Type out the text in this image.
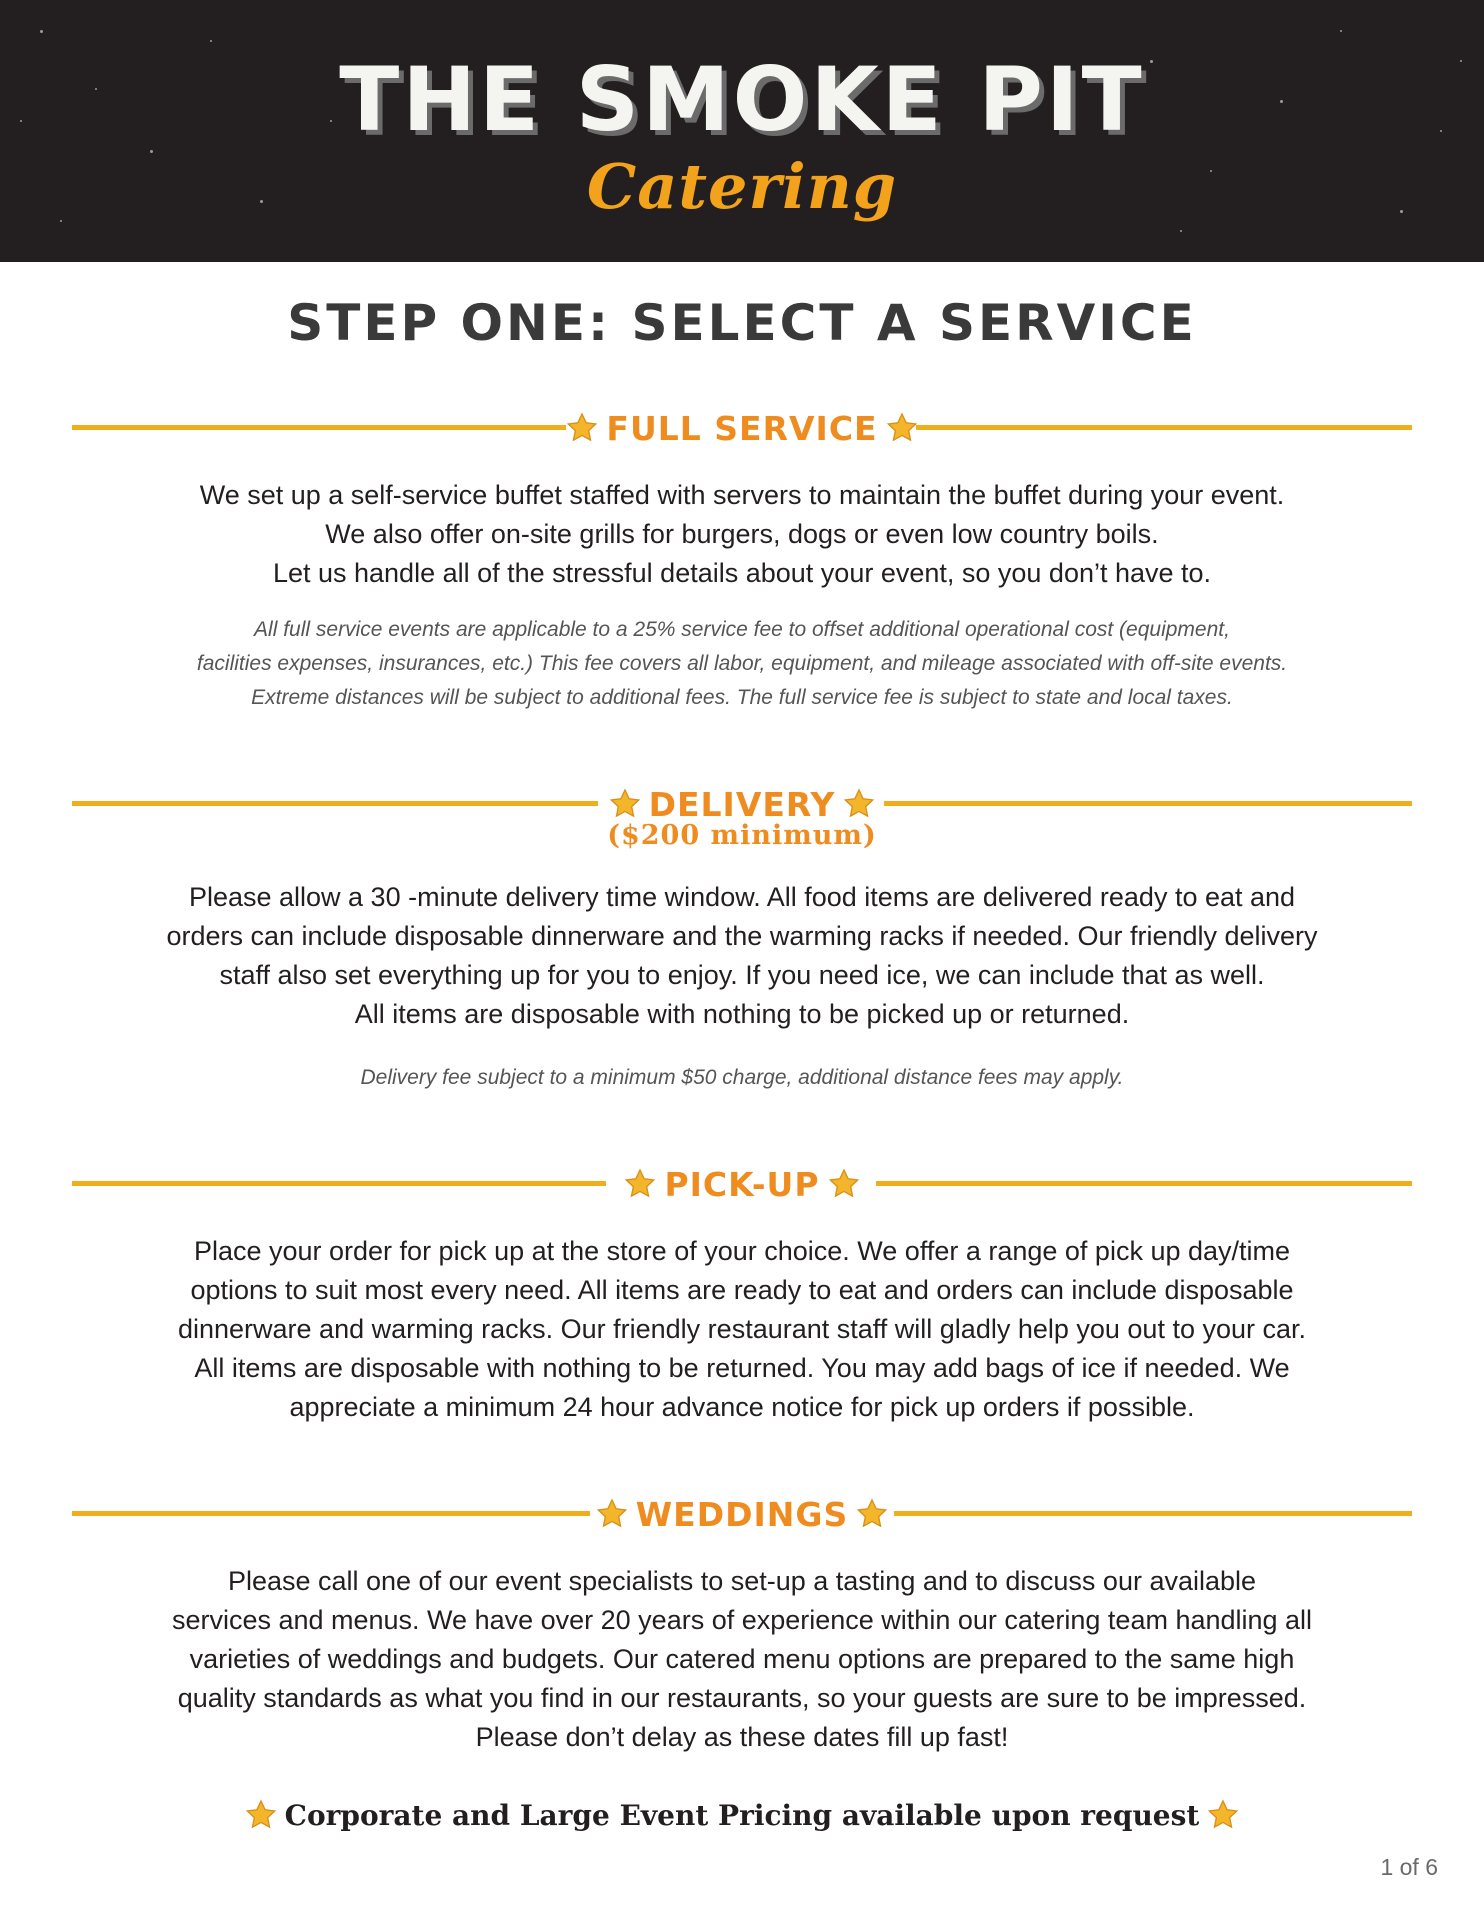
THE SMOKE PIT
Catering
STEP ONE: SELECT A SERVICE
FULL SERVICE
We set up a self-service buffet staffed with servers to maintain the buffet during your event.
We also offer on-site grills for burgers, dogs or even low country boils.
Let us handle all of the stressful details about your event, so you don’t have to.
All full service events are applicable to a 25% service fee to offset additional operational cost (equipment,
facilities expenses, insurances, etc.) This fee covers all labor, equipment, and mileage associated with off-site events.
Extreme distances will be subject to additional fees. The full service fee is subject to state and local taxes.
DELIVERY
($200 minimum)
Please allow a 30 -minute delivery time window. All food items are delivered ready to eat and
orders can include disposable dinnerware and the warming racks if needed. Our friendly delivery
staff also set everything up for you to enjoy. If you need ice, we can include that as well.
All items are disposable with nothing to be picked up or returned.
Delivery fee subject to a minimum $50 charge, additional distance fees may apply.
PICK-UP
Place your order for pick up at the store of your choice. We offer a range of pick up day/time
options to suit most every need. All items are ready to eat and orders can include disposable
dinnerware and warming racks. Our friendly restaurant staff will gladly help you out to your car.
All items are disposable with nothing to be returned. You may add bags of ice if needed. We
appreciate a minimum 24 hour advance notice for pick up orders if possible.
WEDDINGS
Please call one of our event specialists to set-up a tasting and to discuss our available
services and menus. We have over 20 years of experience within our catering team handling all
varieties of weddings and budgets. Our catered menu options are prepared to the same high
quality standards as what you find in our restaurants, so your guests are sure to be impressed.
Please don’t delay as these dates fill up fast!
Corporate and Large Event Pricing available upon request
1 of 6
